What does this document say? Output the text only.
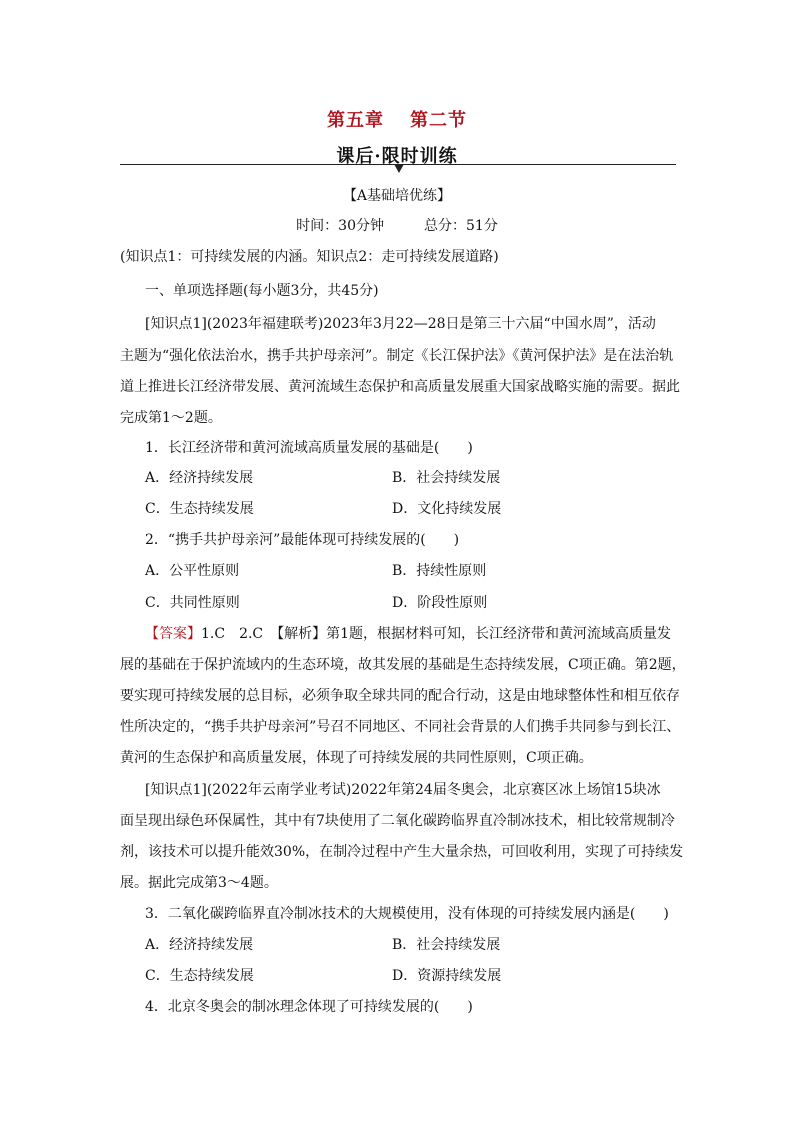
第五章 第二节
课后·限时训练
【A基础培优练】
时间：30分钟	总分：51分
(知识点1：可持续发展的内涵。知识点2：走可持续发展道路)
一、单项选择题(每小题3分，共45分)
[知识点1](2023年福建联考)2023年3月22—28日是第三十六届“中国水周”，活动
主题为“强化依法治水，携手共护母亲河”。制定《长江保护法》《黄河保护法》是在法治轨
道上推进长江经济带发展、黄河流域生态保护和高质量发展重大国家战略实施的需要。据此
完成第1～2题。
1．长江经济带和黄河流域高质量发展的基础是(　　)
A．经济持续发展	B．社会持续发展
C．生态持续发展	D．文化持续发展
2．“携手共护母亲河”最能体现可持续发展的(　　)
A．公平性原则	B．持续性原则
C．共同性原则	D．阶段性原则
【答案】1.C　2.C　【解析】第1题，根据材料可知，长江经济带和黄河流域高质量发
展的基础在于保护流域内的生态环境，故其发展的基础是生态持续发展，C项正确。第2题，
要实现可持续发展的总目标，必须争取全球共同的配合行动，这是由地球整体性和相互依存
性所决定的，“携手共护母亲河”号召不同地区、不同社会背景的人们携手共同参与到长江、
黄河的生态保护和高质量发展，体现了可持续发展的共同性原则，C项正确。
[知识点1](2022年云南学业考试)2022年第24届冬奥会，北京赛区冰上场馆15块冰
面呈现出绿色环保属性，其中有7块使用了二氧化碳跨临界直冷制冰技术，相比较常规制冷
剂，该技术可以提升能效30%，在制冷过程中产生大量余热，可回收利用，实现了可持续发
展。据此完成第3～4题。
3．二氧化碳跨临界直冷制冰技术的大规模使用，没有体现的可持续发展内涵是(　　)
A．经济持续发展	B．社会持续发展
C．生态持续发展	D．资源持续发展
4．北京冬奥会的制冰理念体现了可持续发展的(　　)
